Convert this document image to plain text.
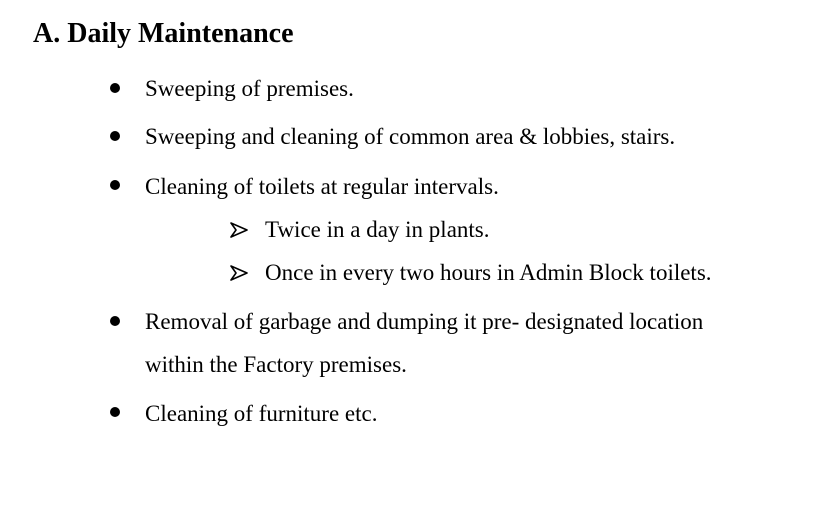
A. Daily Maintenance
Sweeping of premises.
Sweeping and cleaning of common area & lobbies, stairs.
Cleaning of toilets at regular intervals.
Twice in a day in plants.
Once in every two hours in Admin Block toilets.
Removal of garbage and dumping it pre- designated location
within the Factory premises.
Cleaning of furniture etc.
